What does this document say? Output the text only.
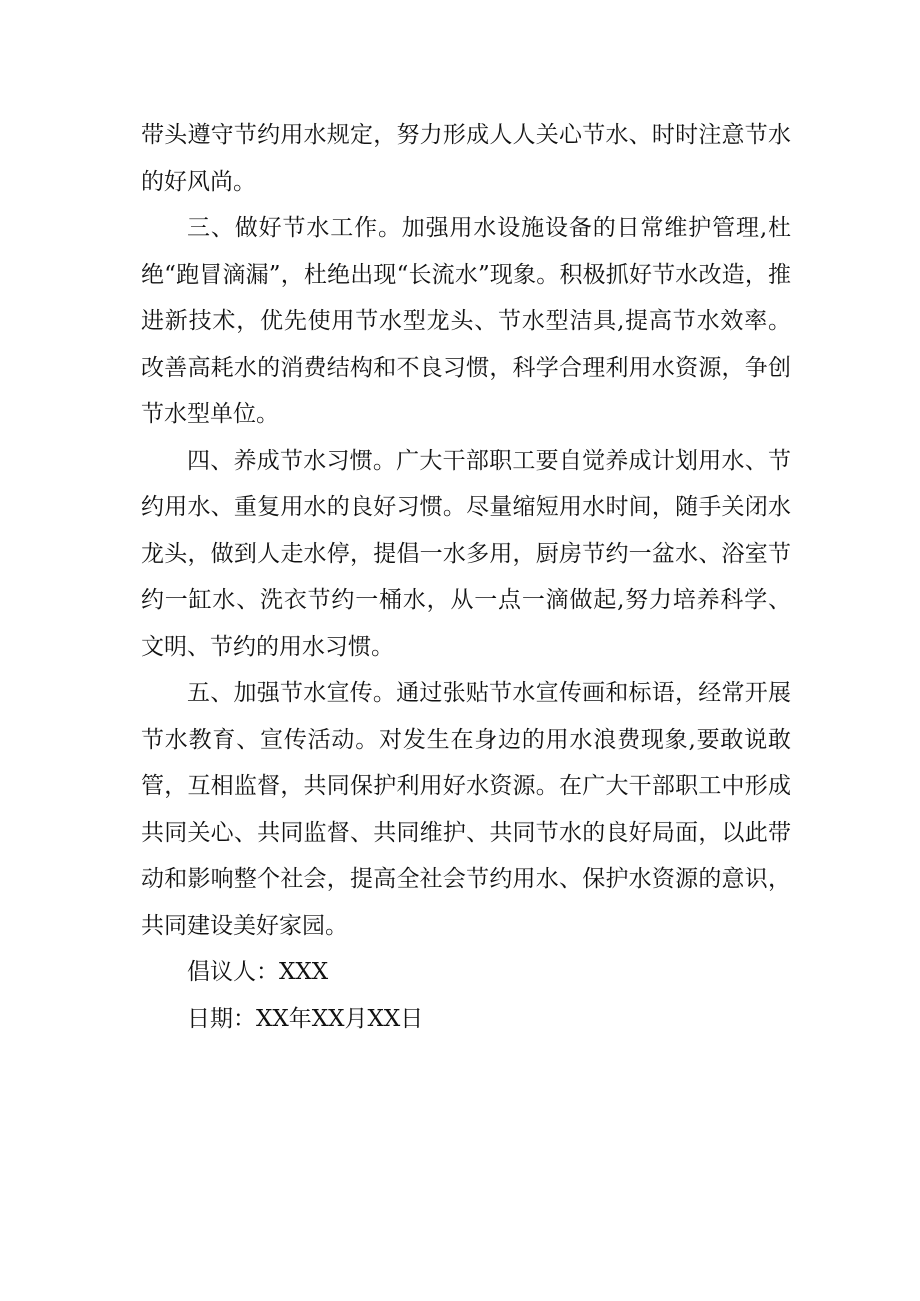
带头遵守节约用水规定，努力形成人人关心节水、时时注意节水的好风尚。

三、做好节水工作。加强用水设施设备的日常维护管理,杜绝“跑冒滴漏”，杜绝出现“长流水”现象。积极抓好节水改造，推进新技术，优先使用节水型龙头、节水型洁具,提高节水效率。改善高耗水的消费结构和不良习惯，科学合理利用水资源，争创节水型单位。

四、养成节水习惯。广大干部职工要自觉养成计划用水、节约用水、重复用水的良好习惯。尽量缩短用水时间，随手关闭水龙头，做到人走水停，提倡一水多用，厨房节约一盆水、浴室节约一缸水、洗衣节约一桶水，从一点一滴做起,努力培养科学、文明、节约的用水习惯。

五、加强节水宣传。通过张贴节水宣传画和标语，经常开展节水教育、宣传活动。对发生在身边的用水浪费现象,要敢说敢管，互相监督，共同保护利用好水资源。在广大干部职工中形成共同关心、共同监督、共同维护、共同节水的良好局面，以此带动和影响整个社会，提高全社会节约用水、保护水资源的意识，共同建设美好家园。

倡议人：XXX

日期：XX年XX月XX日
